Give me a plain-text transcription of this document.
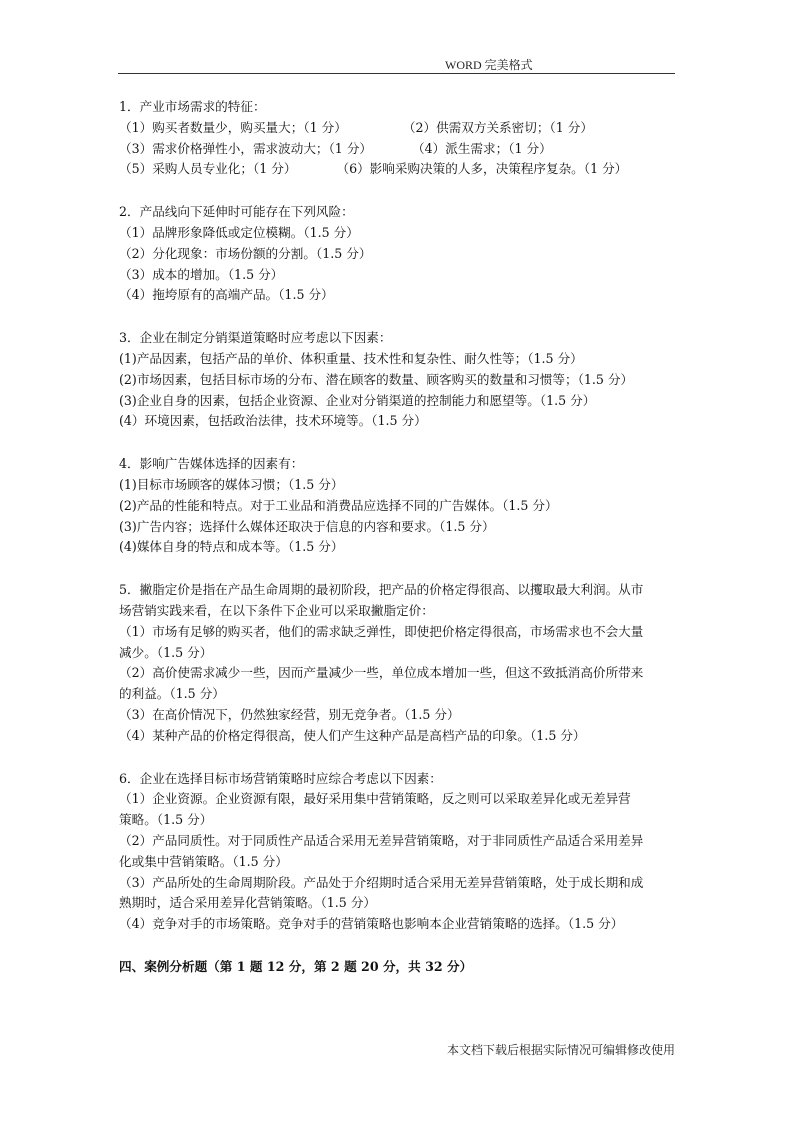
WORD 完美格式
1．产业市场需求的特征：
（1）购买者数量少，购买量大；（1 分）              （2）供需双方关系密切；（1 分）
（3）需求价格弹性小，需求波动大；（1 分）          （4）派生需求；（1 分）
（5）采购人员专业化；（1 分）          （6）影响采购决策的人多，决策程序复杂。（1 分）
2．产品线向下延伸时可能存在下列风险：
（1）品牌形象降低或定位模糊。（1.5 分）
（2）分化现象：市场份额的分割。（1.5 分）
（3）成本的增加。（1.5 分）
（4）拖垮原有的高端产品。（1.5 分）
3．企业在制定分销渠道策略时应考虑以下因素：
(1)产品因素，包括产品的单价、体积重量、技术性和复杂性、耐久性等；（1.5 分）
(2)市场因素，包括目标市场的分布、潜在顾客的数量、顾客购买的数量和习惯等；（1.5 分）
(3)企业自身的因素，包括企业资源、企业对分销渠道的控制能力和愿望等。（1.5 分）
(4）环境因素，包括政治法律，技术环境等。（1.5 分）
4．影响广告媒体选择的因素有：
(1)目标市场顾客的媒体习惯；（1.5 分）
(2)产品的性能和特点。对于工业品和消费品应选择不同的广告媒体。（1.5 分）
(3)广告内容；选择什么媒体还取决于信息的内容和要求。（1.5 分）
(4)媒体自身的特点和成本等。（1.5 分）
5．撇脂定价是指在产品生命周期的最初阶段，把产品的价格定得很高、以攫取最大利润。从市
场营销实践来看，在以下条件下企业可以采取撇脂定价：
（1）市场有足够的购买者，他们的需求缺乏弹性，即使把价格定得很高，市场需求也不会大量
减少。（1.5 分）
（2）高价使需求减少一些，因而产量减少一些，单位成本增加一些，但这不致抵消高价所带来
的利益。（1.5 分）
（3）在高价情况下，仍然独家经营，别无竞争者。（1.5 分）
（4）某种产品的价格定得很高，使人们产生这种产品是高档产品的印象。（1.5 分）
6．企业在选择目标市场营销策略时应综合考虑以下因素：
（1）企业资源。企业资源有限，最好采用集中营销策略，反之则可以采取差异化或无差异营
策略。（1.5 分）
（2）产品同质性。对于同质性产品适合采用无差异营销策略，对于非同质性产品适合采用差异
化或集中营销策略。（1.5 分）
（3）产品所处的生命周期阶段。产品处于介绍期时适合采用无差异营销策略，处于成长期和成
熟期时，适合采用差异化营销策略。（1.5 分）
（4）竞争对手的市场策略。竞争对手的营销策略也影响本企业营销策略的选择。（1.5 分）
四、案例分析题（第 1 题 12 分，第 2 题 20 分，共 32 分）
本文档下载后根据实际情况可编辑修改使用
